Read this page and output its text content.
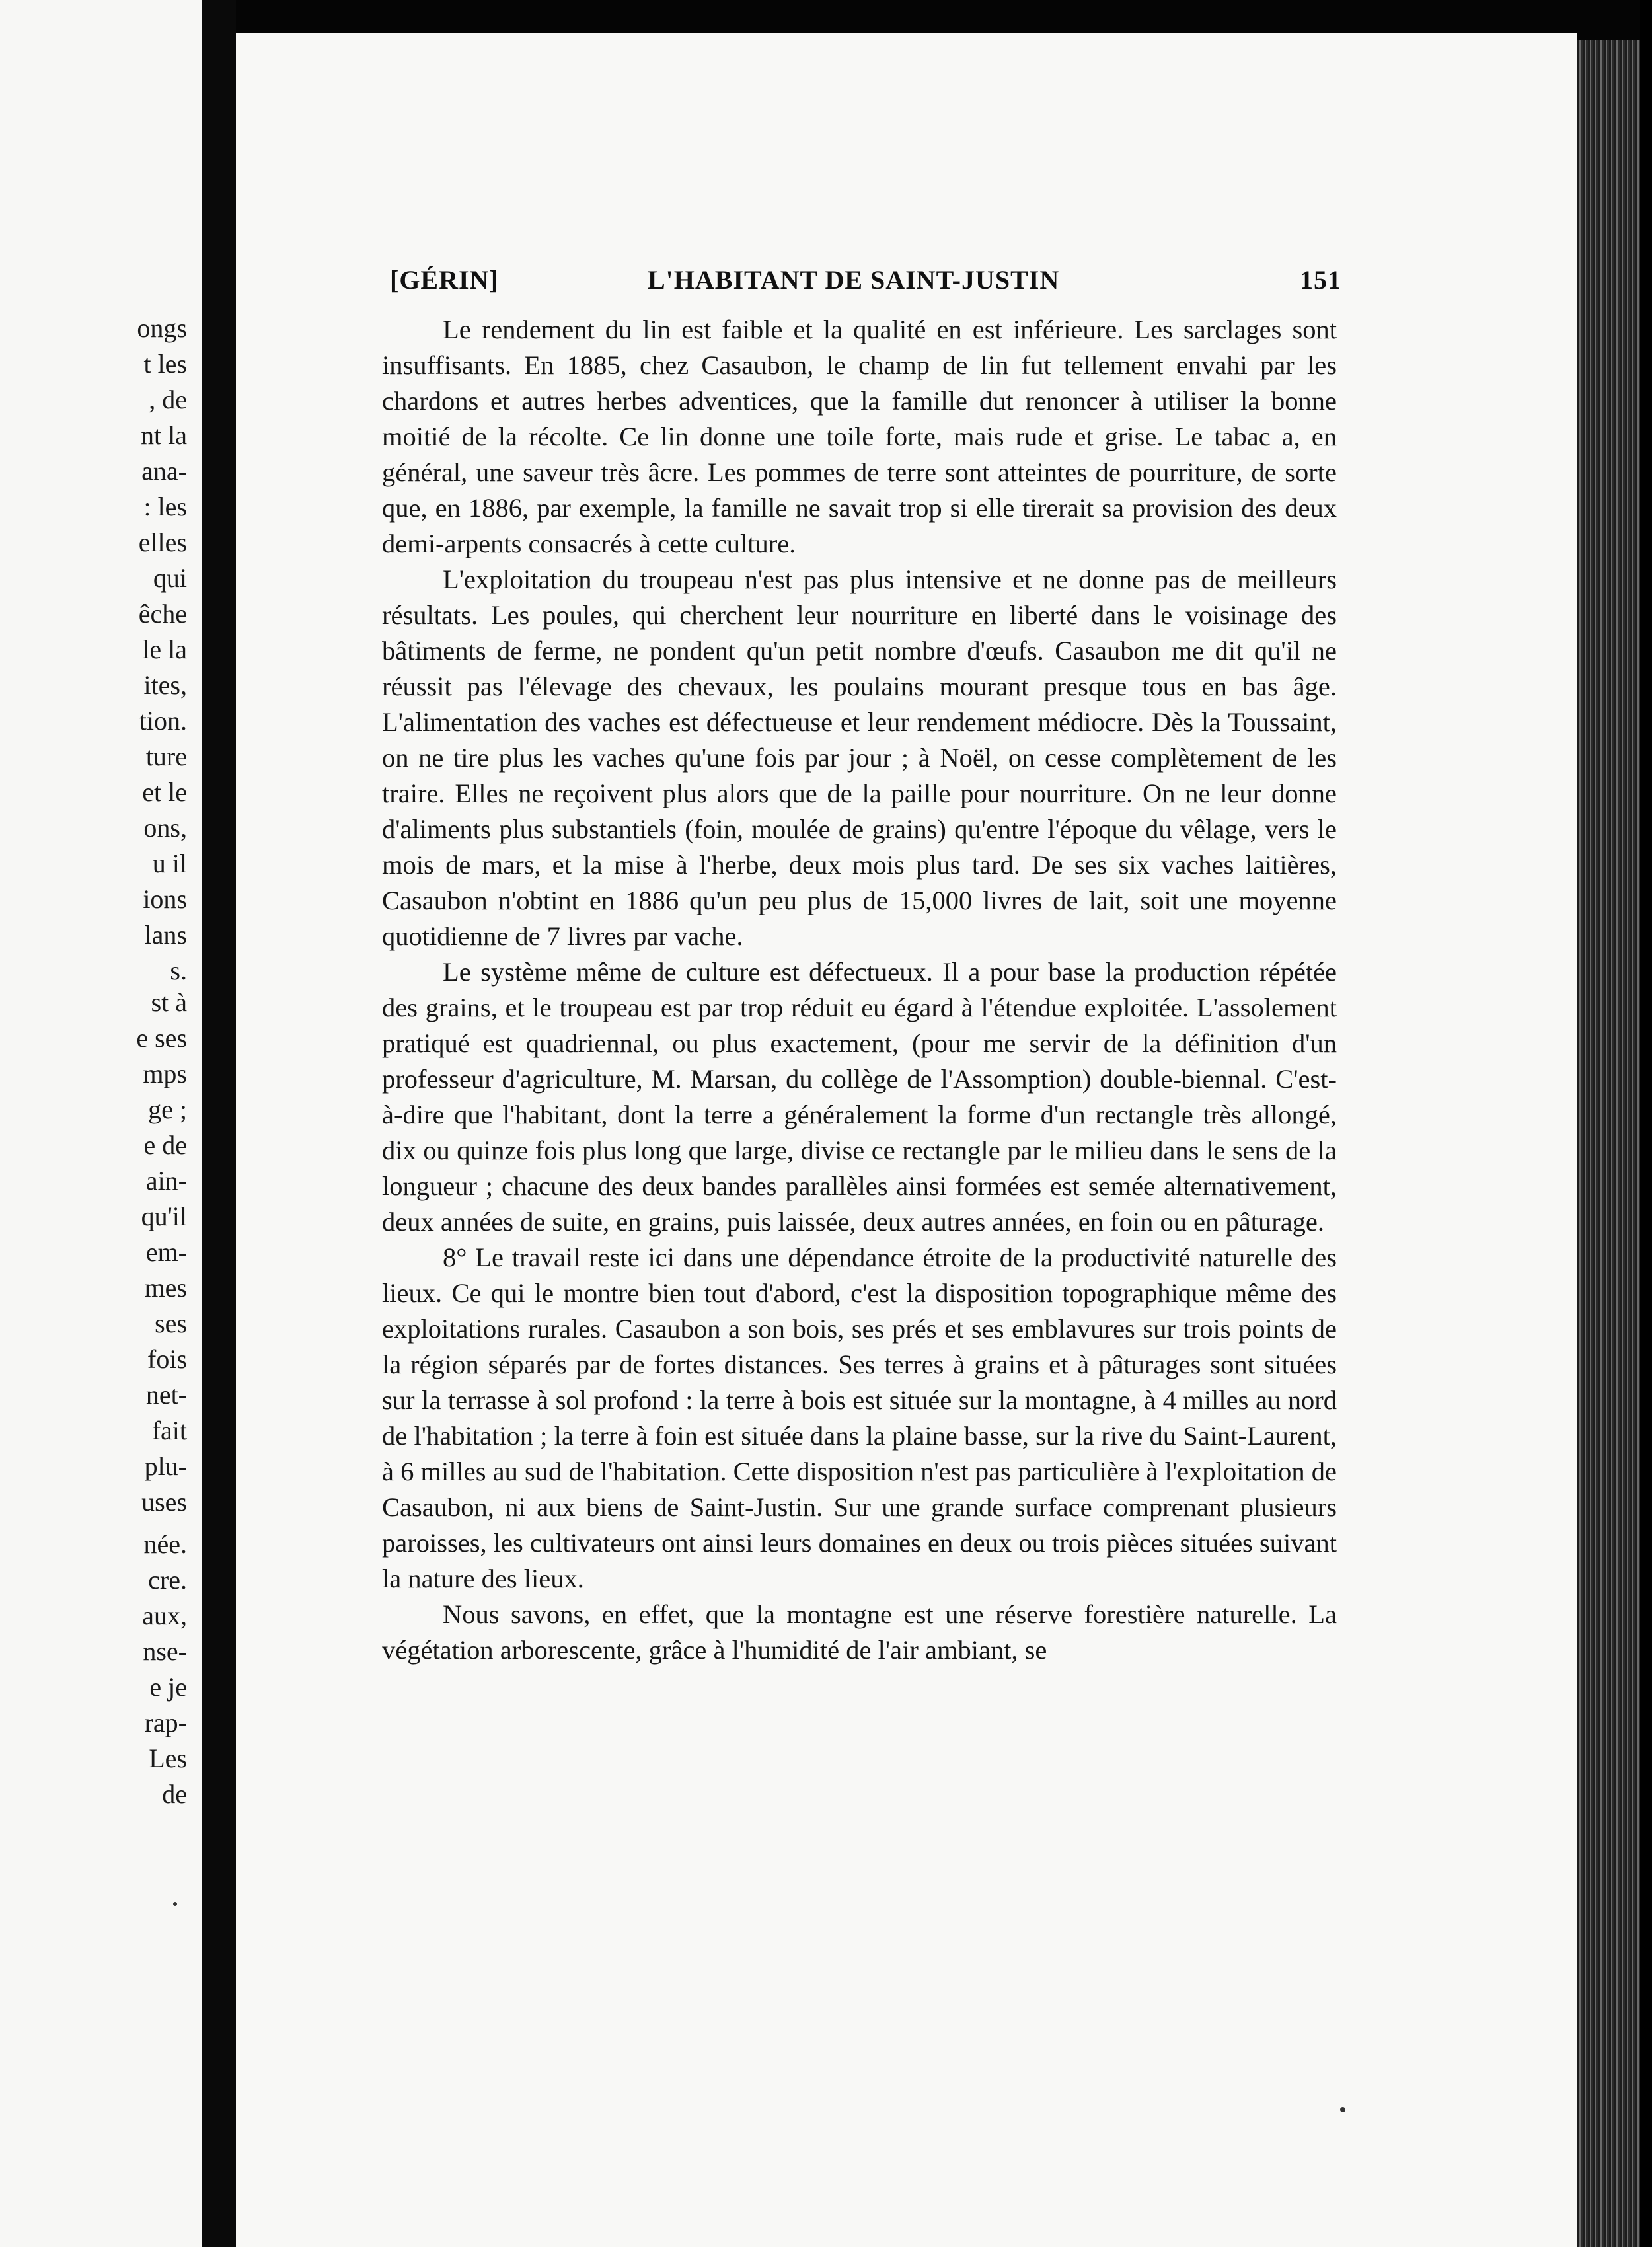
ongs
t les
, de
nt la
ana-
: les
elles
qui
êche
le la
ites,
tion.
ture
et le
ons,
u il
ions
lans
s.
st à
e ses
mps
ge ;
e de
ain-
qu'il
em-
mes
ses
fois
net-
fait
plu-
uses
née.
cre.
aux,
nse-
e je
rap-
Les
de
[GÉRIN]	L'HABITANT DE SAINT-JUSTIN	151

Le rendement du lin est faible et la qualité en est inférieure. Les sarclages sont insuffisants. En 1885, chez Casaubon, le champ de lin fut tellement envahi par les chardons et autres herbes adventices, que la famille dut renoncer à utiliser la bonne moitié de la récolte. Ce lin donne une toile forte, mais rude et grise. Le tabac a, en général, une saveur très âcre. Les pommes de terre sont atteintes de pourriture, de sorte que, en 1886, par exemple, la famille ne savait trop si elle tirerait sa provision des deux demi-arpents consacrés à cette culture.

L'exploitation du troupeau n'est pas plus intensive et ne donne pas de meilleurs résultats. Les poules, qui cherchent leur nourriture en liberté dans le voisinage des bâtiments de ferme, ne pondent qu'un petit nombre d'œufs. Casaubon me dit qu'il ne réussit pas l'élevage des chevaux, les poulains mourant presque tous en bas âge. L'alimentation des vaches est défectueuse et leur rendement médiocre. Dès la Toussaint, on ne tire plus les vaches qu'une fois par jour ; à Noël, on cesse complètement de les traire. Elles ne reçoivent plus alors que de la paille pour nourriture. On ne leur donne d'aliments plus substantiels (foin, moulée de grains) qu'entre l'époque du vêlage, vers le mois de mars, et la mise à l'herbe, deux mois plus tard. De ses six vaches laitières, Casaubon n'obtint en 1886 qu'un peu plus de 15,000 livres de lait, soit une moyenne quotidienne de 7 livres par vache.

Le système même de culture est défectueux. Il a pour base la production répétée des grains, et le troupeau est par trop réduit eu égard à l'étendue exploitée. L'assolement pratiqué est quadriennal, ou plus exactement, (pour me servir de la définition d'un professeur d'agriculture, M. Marsan, du collège de l'Assomption) double-biennal. C'est-à-dire que l'habitant, dont la terre a généralement la forme d'un rectangle très allongé, dix ou quinze fois plus long que large, divise ce rectangle par le milieu dans le sens de la longueur ; chacune des deux bandes parallèles ainsi formées est semée alternativement, deux années de suite, en grains, puis laissée, deux autres années, en foin ou en pâturage.

8° Le travail reste ici dans une dépendance étroite de la productivité naturelle des lieux. Ce qui le montre bien tout d'abord, c'est la disposition topographique même des exploitations rurales. Casaubon a son bois, ses prés et ses emblavures sur trois points de la région séparés par de fortes distances. Ses terres à grains et à pâturages sont situées sur la terrasse à sol profond : la terre à bois est située sur la montagne, à 4 milles au nord de l'habitation ; la terre à foin est située dans la plaine basse, sur la rive du Saint-Laurent, à 6 milles au sud de l'habitation. Cette disposition n'est pas particulière à l'exploitation de Casaubon, ni aux biens de Saint-Justin. Sur une grande surface comprenant plusieurs paroisses, les cultivateurs ont ainsi leurs domaines en deux ou trois pièces situées suivant la nature des lieux.

Nous savons, en effet, que la montagne est une réserve forestière naturelle. La végétation arborescente, grâce à l'humidité de l'air ambiant, se
